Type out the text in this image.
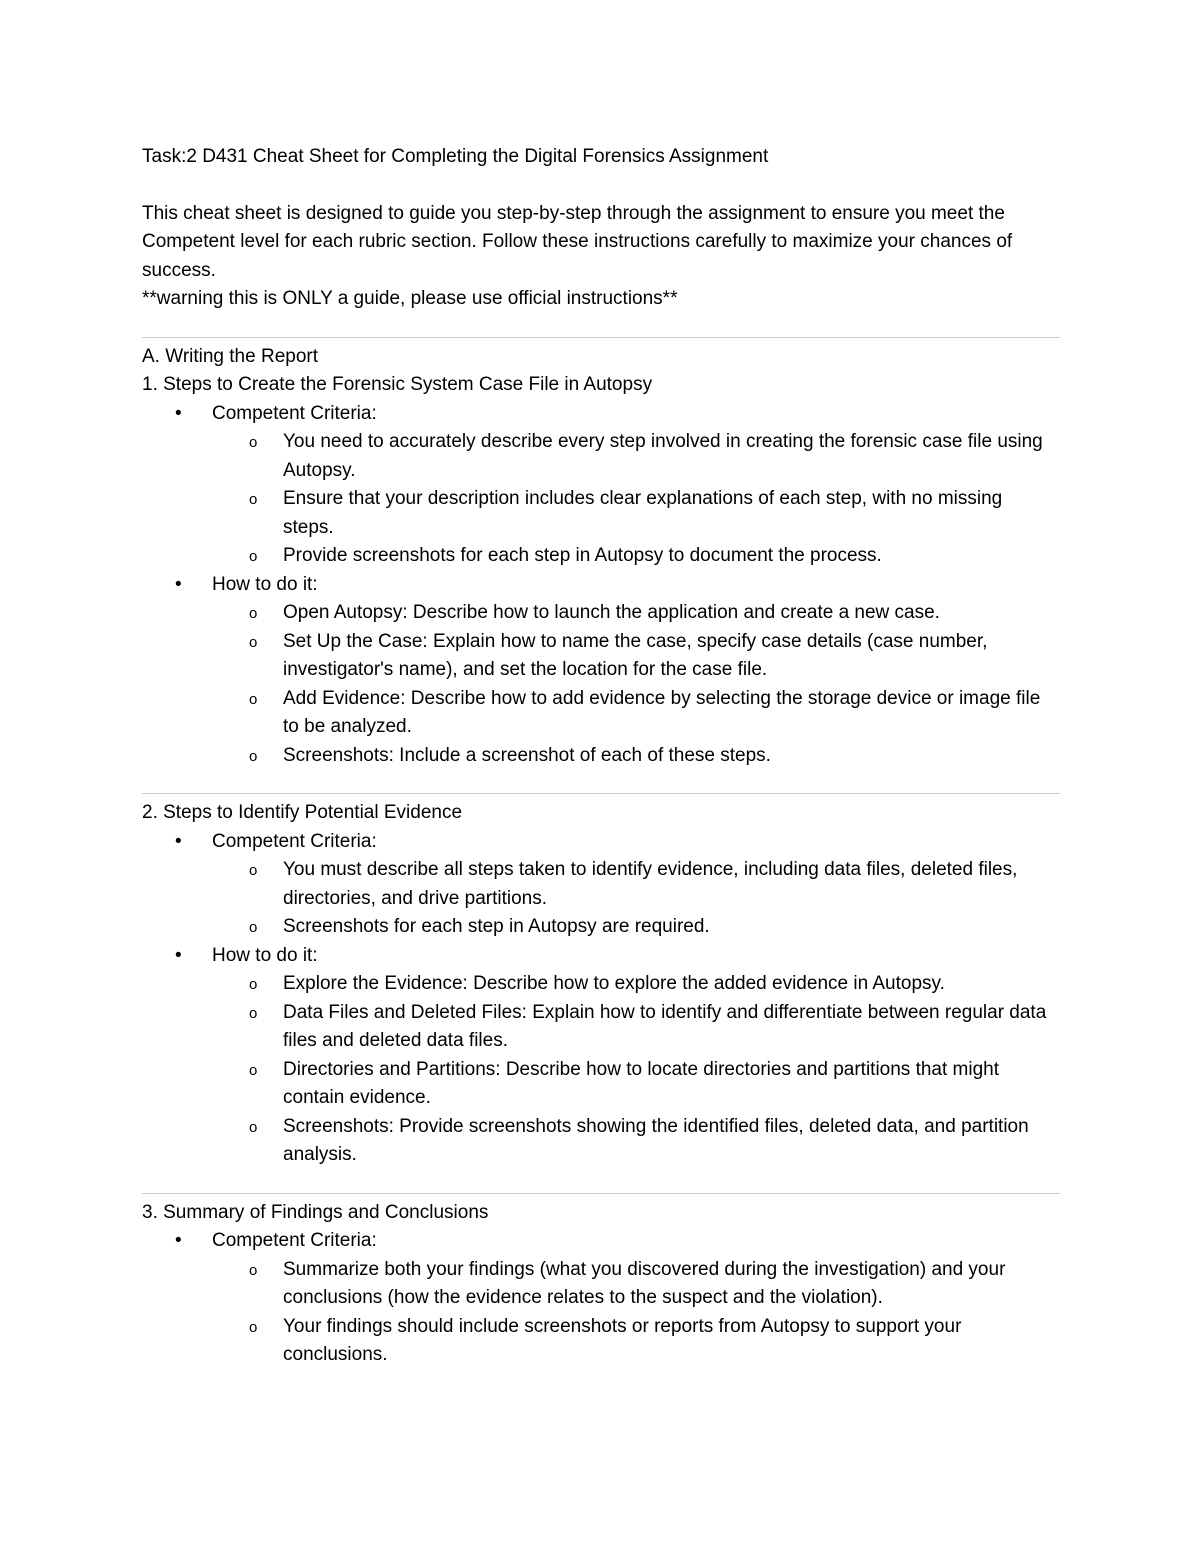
Task:2 D431 Cheat Sheet for Completing the Digital Forensics Assignment

This cheat sheet is designed to guide you step-by-step through the assignment to ensure you meet the Competent level for each rubric section. Follow these instructions carefully to maximize your chances of success.

**warning this is ONLY a guide, please use official instructions**

A. Writing the Report

1. Steps to Create the Forensic System Case File in Autopsy

• Competent Criteria:
o You need to accurately describe every step involved in creating the forensic case file using Autopsy.
o Ensure that your description includes clear explanations of each step, with no missing steps.
o Provide screenshots for each step in Autopsy to document the process.
• How to do it:
o Open Autopsy: Describe how to launch the application and create a new case.
o Set Up the Case: Explain how to name the case, specify case details (case number, investigator's name), and set the location for the case file.
o Add Evidence: Describe how to add evidence by selecting the storage device or image file to be analyzed.
o Screenshots: Include a screenshot of each of these steps.

2. Steps to Identify Potential Evidence

• Competent Criteria:
o You must describe all steps taken to identify evidence, including data files, deleted files, directories, and drive partitions.
o Screenshots for each step in Autopsy are required.
• How to do it:
o Explore the Evidence: Describe how to explore the added evidence in Autopsy.
o Data Files and Deleted Files: Explain how to identify and differentiate between regular data files and deleted data files.
o Directories and Partitions: Describe how to locate directories and partitions that might contain evidence.
o Screenshots: Provide screenshots showing the identified files, deleted data, and partition analysis.

3. Summary of Findings and Conclusions

• Competent Criteria:
o Summarize both your findings (what you discovered during the investigation) and your conclusions (how the evidence relates to the suspect and the violation).
o Your findings should include screenshots or reports from Autopsy to support your conclusions.
